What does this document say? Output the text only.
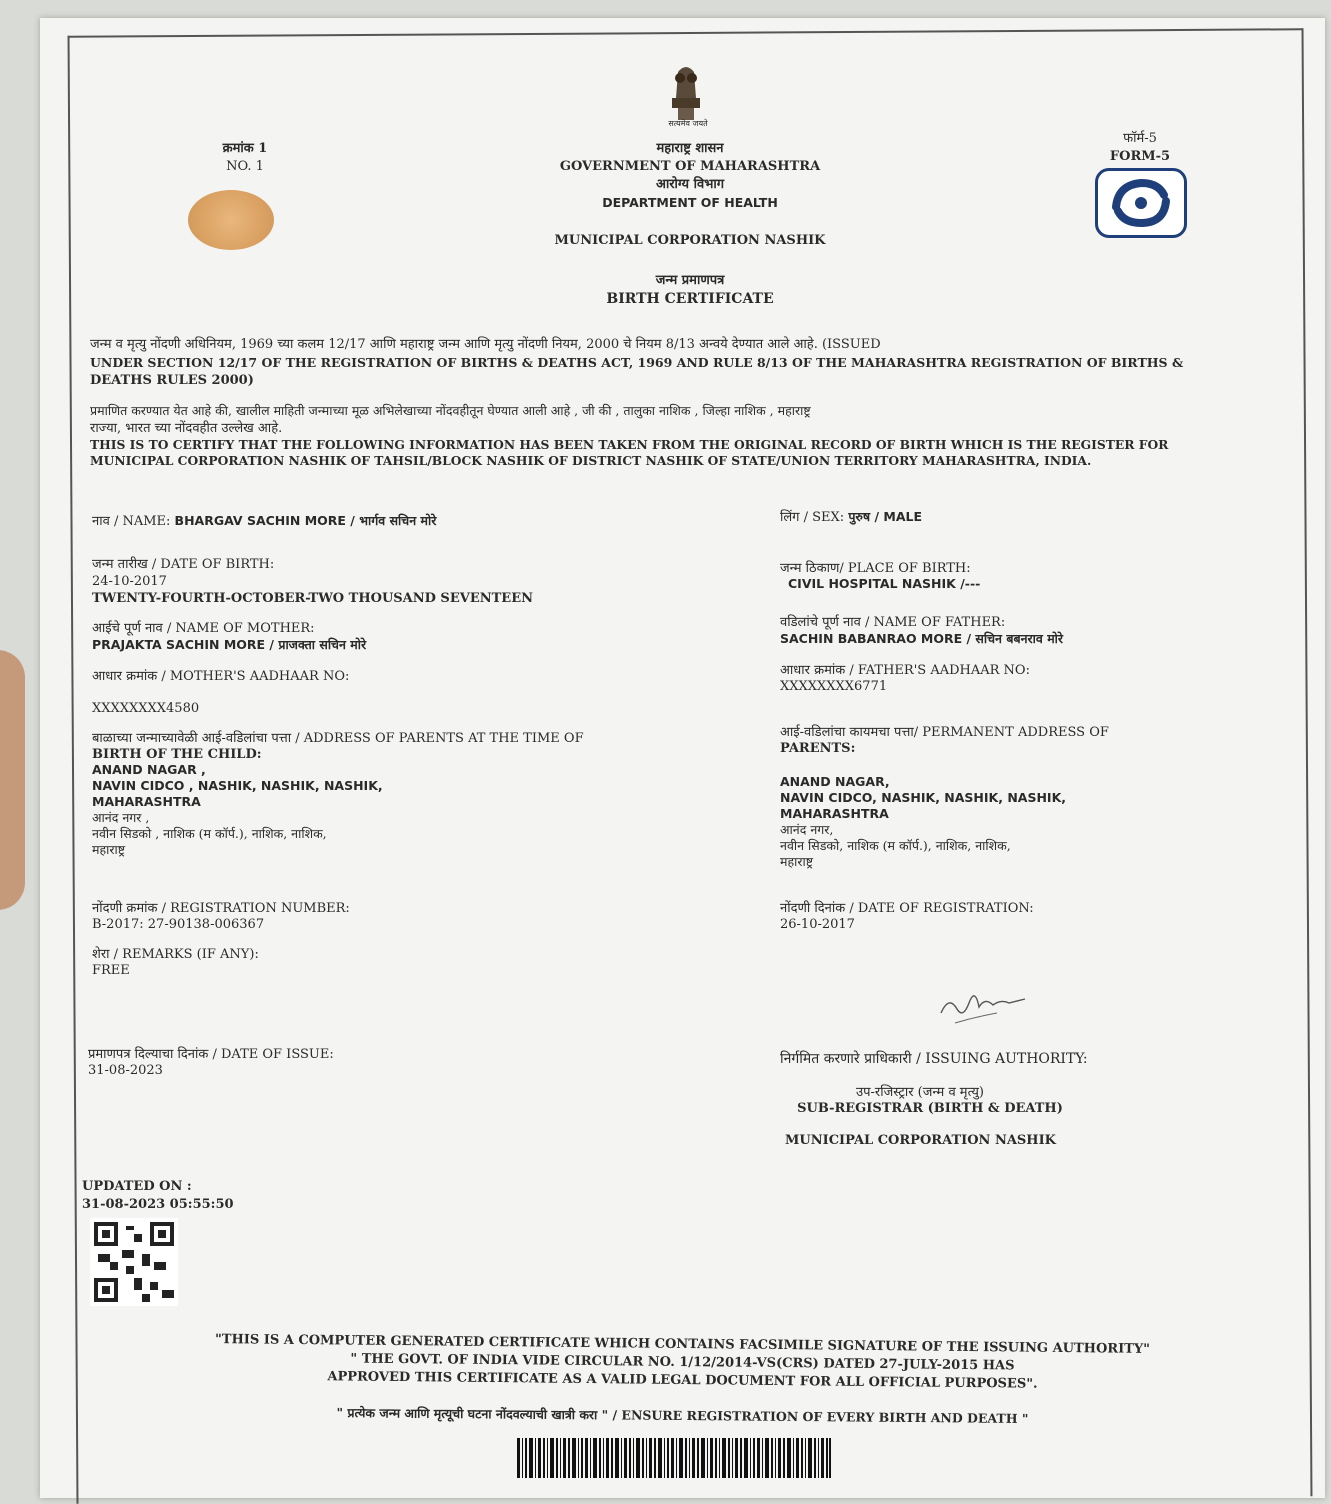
सत्यमेव जयते
क्रमांक 1
NO. 1
महाराष्ट्र शासन
GOVERNMENT OF MAHARASHTRA
आरोग्य विभाग
DEPARTMENT OF HEALTH
MUNICIPAL CORPORATION NASHIK
जन्म प्रमाणपत्र
BIRTH CERTIFICATE
फॉर्म-5
FORM-5
जन्म व मृत्यु नोंदणी अधिनियम, 1969 च्या कलम 12/17 आणि महाराष्ट्र जन्म आणि मृत्यु नोंदणी नियम, 2000 चे नियम 8/13 अन्वये देण्यात आले आहे. (ISSUED
UNDER SECTION 12/17 OF THE REGISTRATION OF BIRTHS & DEATHS ACT, 1969 AND RULE 8/13 OF THE MAHARASHTRA REGISTRATION OF BIRTHS &
DEATHS RULES 2000)
प्रमाणित करण्यात येत आहे की, खालील माहिती जन्माच्या मूळ अभिलेखाच्या नोंदवहीतून घेण्यात आली आहे , जी की , तालुका नाशिक , जिल्हा नाशिक , महाराष्ट्र
राज्या, भारत च्या नोंदवहीत उल्लेख आहे.
THIS IS TO CERTIFY THAT THE FOLLOWING INFORMATION HAS BEEN TAKEN FROM THE ORIGINAL RECORD OF BIRTH WHICH IS THE REGISTER FOR
MUNICIPAL CORPORATION NASHIK OF TAHSIL/BLOCK NASHIK OF DISTRICT NASHIK OF STATE/UNION TERRITORY MAHARASHTRA, INDIA.
नाव / NAME: BHARGAV SACHIN MORE / भार्गव सचिन मोरे
जन्म तारीख / DATE OF BIRTH:
24-10-2017
TWENTY-FOURTH-OCTOBER-TWO THOUSAND SEVENTEEN
आईचे पूर्ण नाव / NAME OF MOTHER:
PRAJAKTA SACHIN MORE / प्राजक्ता सचिन मोरे
आधार क्रमांक / MOTHER'S AADHAAR NO:
XXXXXXXX4580
बाळाच्या जन्माच्यावेळी आई-वडिलांचा पत्ता / ADDRESS OF PARENTS AT THE TIME OF
BIRTH OF THE CHILD:
ANAND NAGAR ,
NAVIN CIDCO , NASHIK, NASHIK, NASHIK,
MAHARASHTRA
आनंद नगर ,
नवीन सिडको , नाशिक (म कॉर्प.), नाशिक, नाशिक,
महाराष्ट्र
नोंदणी क्रमांक / REGISTRATION NUMBER:
B-2017: 27-90138-006367
शेरा / REMARKS (IF ANY):
FREE
प्रमाणपत्र दिल्याचा दिनांक / DATE OF ISSUE:
31-08-2023
लिंग / SEX: पुरुष / MALE
जन्म ठिकाण/ PLACE OF BIRTH:
CIVIL HOSPITAL NASHIK /---
वडिलांचे पूर्ण नाव / NAME OF FATHER:
SACHIN BABANRAO MORE / सचिन बबनराव मोरे
आधार क्रमांक / FATHER'S AADHAAR NO:
XXXXXXXX6771
आई-वडिलांचा कायमचा पत्ता/ PERMANENT ADDRESS OF
PARENTS:
ANAND NAGAR,
NAVIN CIDCO, NASHIK, NASHIK, NASHIK,
MAHARASHTRA
आनंद नगर,
नवीन सिडको, नाशिक (म कॉर्प.), नाशिक, नाशिक,
महाराष्ट्र
नोंदणी दिनांक / DATE OF REGISTRATION:
26-10-2017
निर्गमित करणारे प्राधिकारी / ISSUING AUTHORITY:
उप-रजिस्ट्रार (जन्म व मृत्यु)
SUB-REGISTRAR (BIRTH & DEATH)
MUNICIPAL CORPORATION NASHIK
UPDATED ON :
31-08-2023 05:55:50
"THIS IS A COMPUTER GENERATED CERTIFICATE WHICH CONTAINS FACSIMILE SIGNATURE OF THE ISSUING AUTHORITY"
" THE GOVT. OF INDIA VIDE CIRCULAR NO. 1/12/2014-VS(CRS) DATED 27-JULY-2015 HAS
APPROVED THIS CERTIFICATE AS A VALID LEGAL DOCUMENT FOR ALL OFFICIAL PURPOSES".
" प्रत्येक जन्म आणि मृत्यूची घटना नोंदवल्याची खात्री करा " / ENSURE REGISTRATION OF EVERY BIRTH AND DEATH "
